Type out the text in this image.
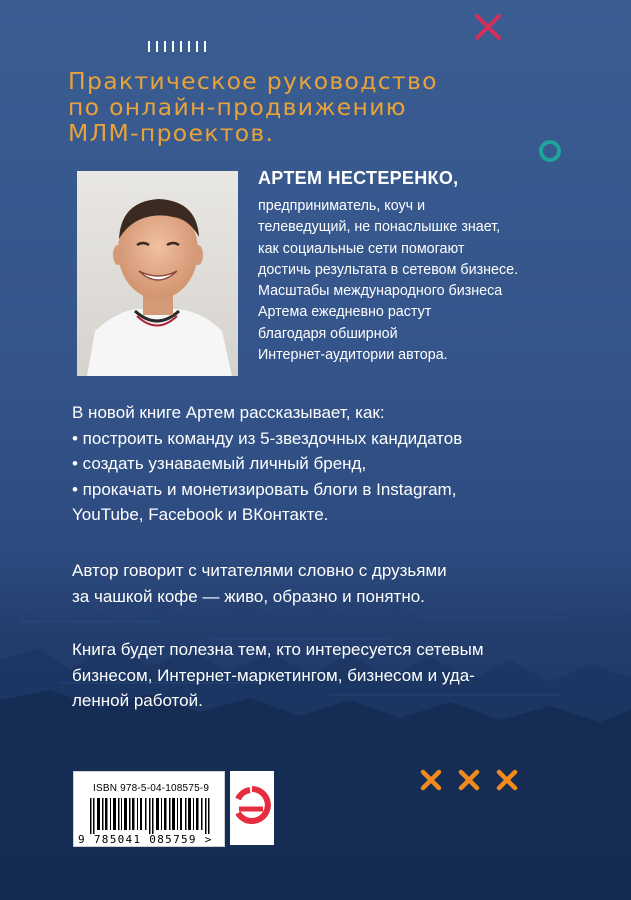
Практическое руководство
по онлайн-продвижению
МЛМ-проектов.

АРТЕМ НЕСТЕРЕНКО,

предприниматель, коуч и
телеведущий, не понаслышке знает,
как социальные сети помогают
достичь результата в сетевом бизнесе.
Масштабы международного бизнеса
Артема ежедневно растут
благодаря обширной
Интернет-аудитории автора.
В новой книге Артем рассказывает, как:
• построить команду из 5-звездочных кандидатов
• создать узнаваемый личный бренд,
• прокачать и монетизировать блоги в Instagram,
YouTube, Facebook и ВКонтакте.
Автор говорит с читателями словно с друзьями
за чашкой кофе — живо, образно и понятно.
Книга будет полезна тем, кто интересуется сетевым
бизнесом, Интернет-маркетингом, бизнесом и уда-
ленной работой.
ISBN 978-5-04-108575-9
9 785041 085759 >
